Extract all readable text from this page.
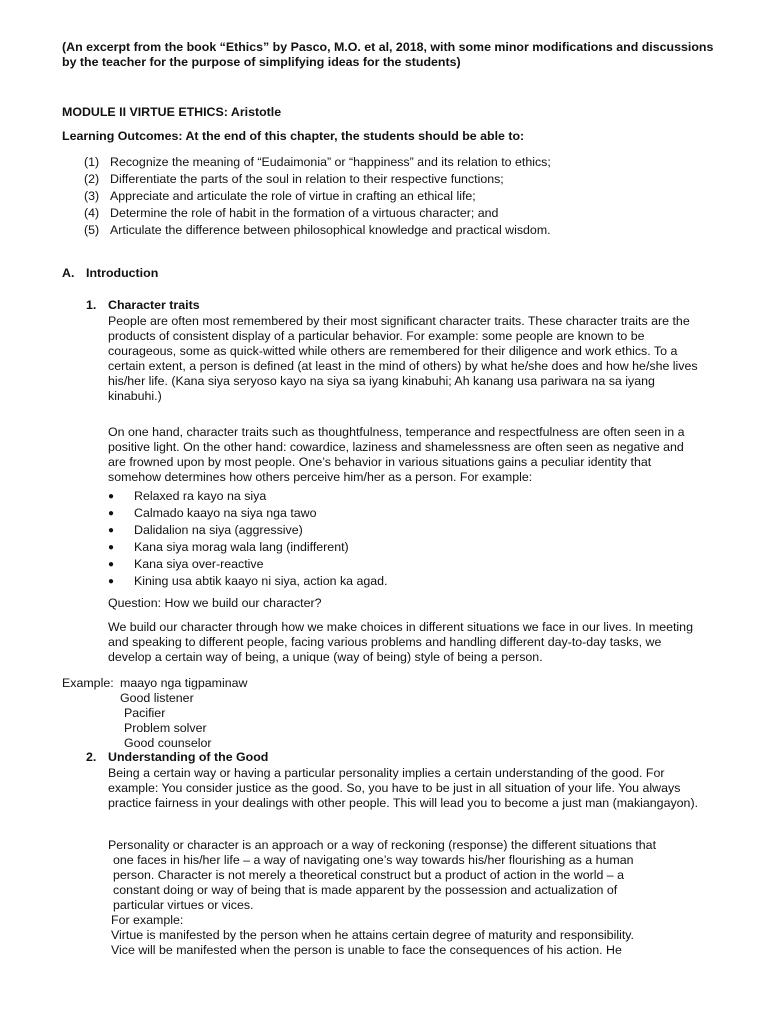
(An excerpt from the book “Ethics” by Pasco, M.O. et al, 2018, with some minor modifications and discussions
by the teacher for the purpose of simplifying ideas for the students)
MODULE II VIRTUE ETHICS: Aristotle
Learning Outcomes: At the end of this chapter, the students should be able to:
(1) Recognize the meaning of “Eudaimonia” or “happiness” and its relation to ethics;
(2) Differentiate the parts of the soul in relation to their respective functions;
(3) Appreciate and articulate the role of virtue in crafting an ethical life;
(4) Determine the role of habit in the formation of a virtuous character; and
(5) Articulate the difference between philosophical knowledge and practical wisdom.
A. Introduction
1. Character traits

People are often most remembered by their most significant character traits. These character traits are the products of consistent display of a particular behavior. For example: some people are known to be courageous, some as quick-witted while others are remembered for their diligence and work ethics. To a certain extent, a person is defined (at least in the mind of others) by what he/she does and how he/she lives his/her life. (Kana siya seryoso kayo na siya sa iyang kinabuhi; Ah kanang usa pariwara na sa iyang kinabuhi.)

On one hand, character traits such as thoughtfulness, temperance and respectfulness are often seen in a positive light. On the other hand: cowardice, laziness and shamelessness are often seen as negative and are frowned upon by most people. One’s behavior in various situations gains a peculiar identity that somehow determines how others perceive him/her as a person. For example:

● Relaxed ra kayo na siya
● Calmado kaayo na siya nga tawo
● Dalidalion na siya (aggressive)
● Kana siya morag wala lang (indifferent)
● Kana siya over-reactive
● Kining usa abtik kaayo ni siya, action ka agad.
Question: How we build our character?

We build our character through how we make choices in different situations we face in our lives. In meeting and speaking to different people, facing various problems and handling different day-to-day tasks, we develop a certain way of being, a unique (way of being) style of being a person.

Example: maayo nga tigpaminaw
Good listener
Pacifier
Problem solver
Good counselor
2. Understanding of the Good

Being a certain way or having a particular personality implies a certain understanding of the good. For example: You consider justice as the good. So, you have to be just in all situation of your life. You always practice fairness in your dealings with other people. This will lead you to become a just man (makiangayon).

Personality or character is an approach or a way of reckoning (response) the different situations that
one faces in his/her life – a way of navigating one’s way towards his/her flourishing as a human
person. Character is not merely a theoretical construct but a product of action in the world – a
constant doing or way of being that is made apparent by the possession and actualization of
particular virtues or vices.
For example:
Virtue is manifested by the person when he attains certain degree of maturity and responsibility.
Vice will be manifested when the person is unable to face the consequences of his action. He
